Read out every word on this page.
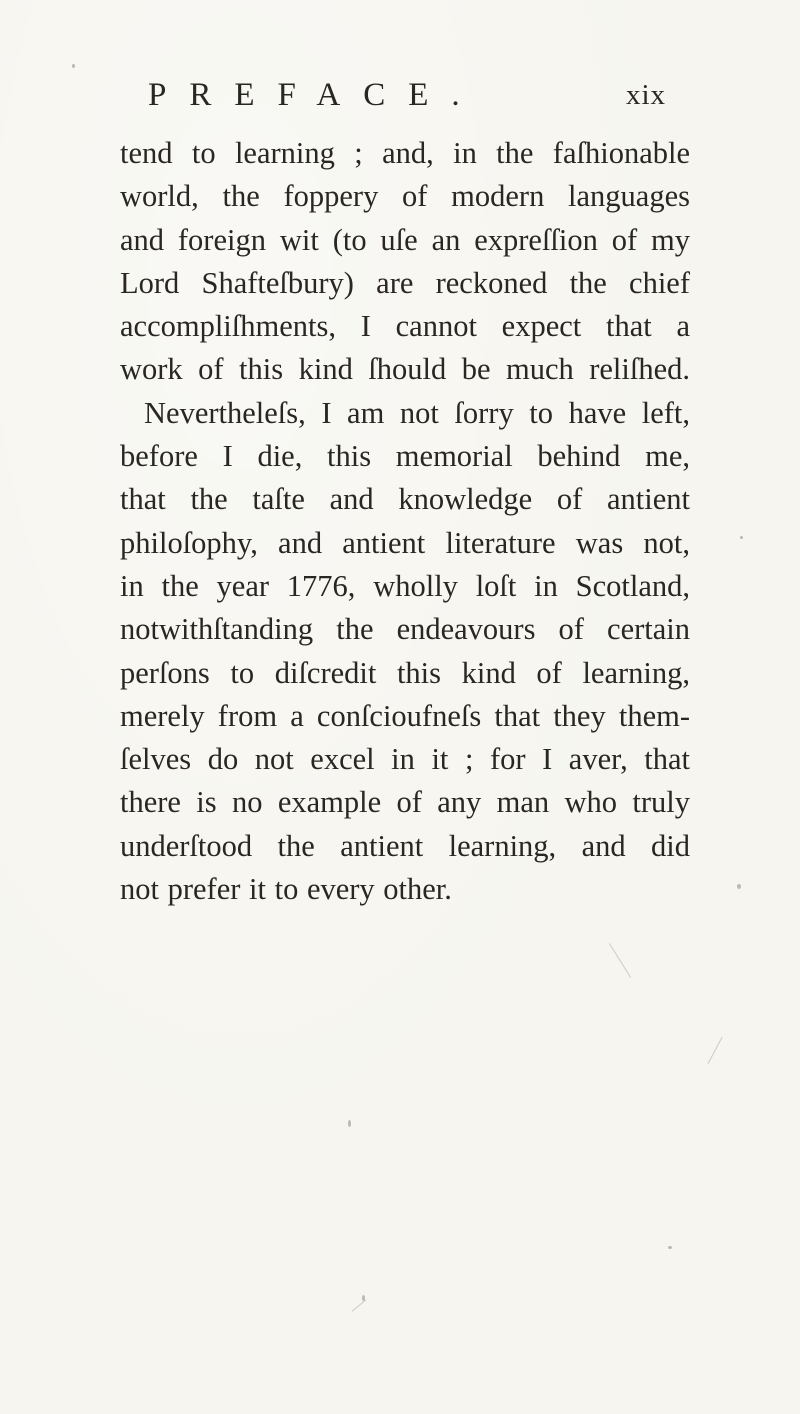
PREFACE.	xix
tend to learning ; and, in the faſhionable
world, the foppery of modern languages
and foreign wit (to uſe an expreſſion of my
Lord Shafteſbury) are reckoned the chief
accompliſhments, I cannot expect that a
work of this kind ſhould be much reliſhed.
Nevertheleſs, I am not ſorry to have left,
before I die, this memorial behind me,
that the taſte and knowledge of antient
philoſophy, and antient literature was not,
in the year 1776, wholly loſt in Scotland,
notwithſtanding the endeavours of certain
perſons to diſcredit this kind of learning,
merely from a conſcioufneſs that they them-
ſelves do not excel in it ; for I aver, that
there is no example of any man who truly
underſtood the antient learning, and did
not prefer it to every other.
